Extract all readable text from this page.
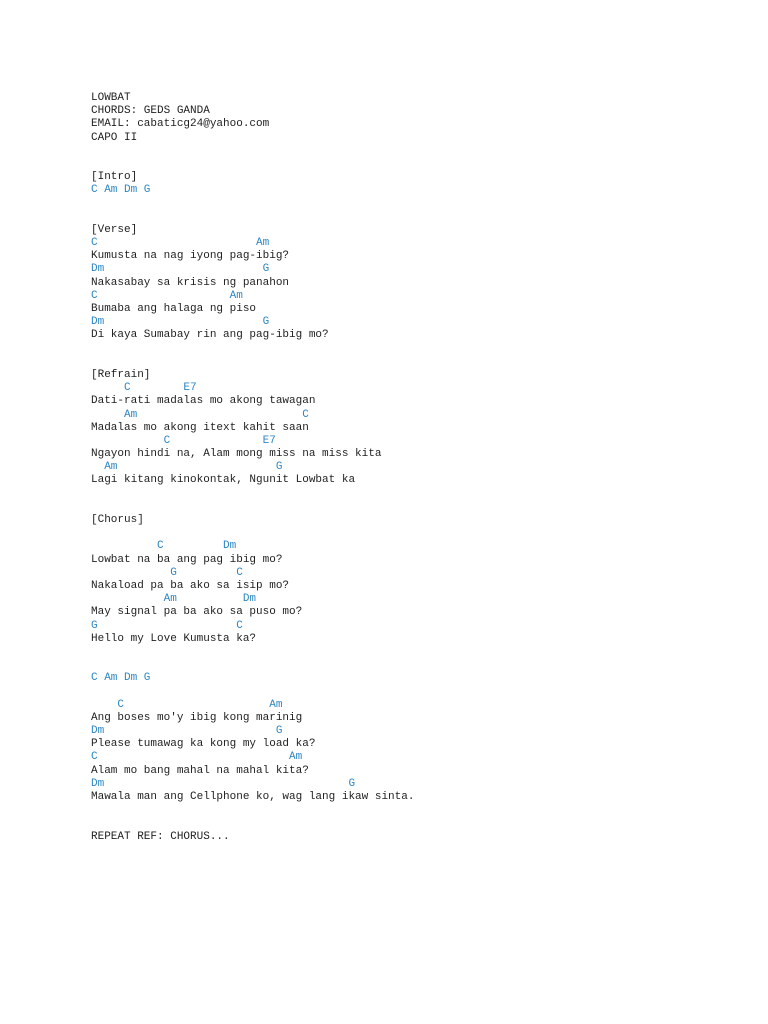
LOWBAT
CHORDS: GEDS GANDA
EMAIL: cabaticg24@yahoo.com
CAPO II
[Intro]
C Am Dm G
[Verse]
C                        Am
Kumusta na nag iyong pag-ibig?
Dm                        G
Nakasabay sa krisis ng panahon
C                    Am
Bumaba ang halaga ng piso
Dm                        G
Di kaya Sumabay rin ang pag-ibig mo?
[Refrain]
C        E7
Dati-rati madalas mo akong tawagan
Am                         C
Madalas mo akong itext kahit saan
C              E7
Ngayon hindi na, Alam mong miss na miss kita
Am                        G
Lagi kitang kinokontak, Ngunit Lowbat ka
[Chorus]
C         Dm
Lowbat na ba ang pag ibig mo?
G         C
Nakaload pa ba ako sa isip mo?
Am          Dm
May signal pa ba ako sa puso mo?
G                     C
Hello my Love Kumusta ka?
C Am Dm G
C                      Am
Ang boses mo'y ibig kong marinig
Dm                          G
Please tumawag ka kong my load ka?
C                             Am
Alam mo bang mahal na mahal kita?
Dm                                     G
Mawala man ang Cellphone ko, wag lang ikaw sinta.
REPEAT REF: CHORUS...
